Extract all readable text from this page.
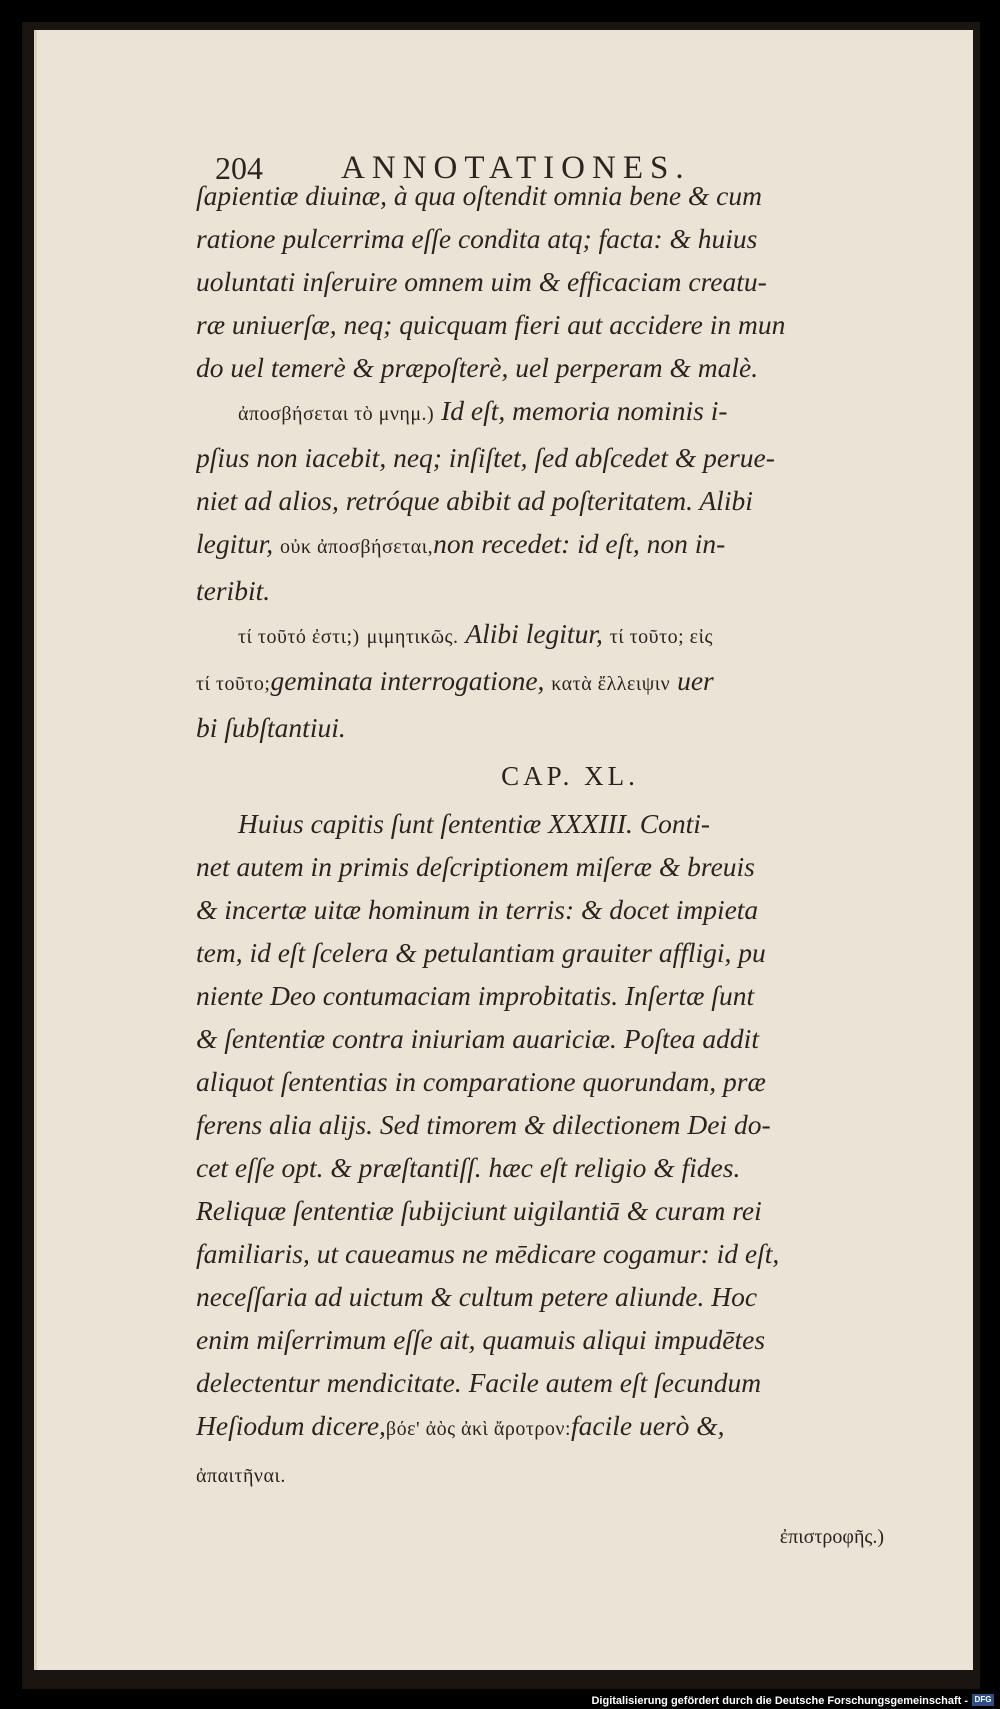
204 ANNOTATIONES.
ſapientiæ diuinæ, à qua oſtendit omnia bene & cum
ratione pulcerrima eſſe condita atq; facta: & huius
uoluntati inſeruire omnem uim & efficaciam creatu-
ræ uniuerſæ, neq; quicquam fieri aut accidere in mun
do uel temerè & præpoſterè, uel perperam & malè.
ἀποσβήσεται τὸ μνημ.) Id eſt, memoria nominis i-
pſius non iacebit, neq; inſiſtet, ſed abſcedet & perue-
niet ad alios, retróque abibit ad poſteritatem. Alibi
legitur, οὐκ ἀποσβήσεται,non recedet: id eſt, non in-
teribit.
τί τοῦτό ἐστι;) μιμητικῶς. Alibi legitur, τί τοῦτο; εἰς
τί τοῦτο;geminata interrogatione, κατὰ ἔλλειψιν uer
bi ſubſtantiui.
CAP. XL.
Huius capitis ſunt ſententiæ XXXIII. Conti-
net autem in primis deſcriptionem miſeræ & breuis
& incertæ uitæ hominum in terris: & docet impieta
tem, id eſt ſcelera & petulantiam grauiter affligi, pu
niente Deo contumaciam improbitatis. Inſertæ ſunt
& ſententiæ contra iniuriam auariciæ. Poſtea addit
aliquot ſententias in comparatione quorundam, præ
ferens alia alijs. Sed timorem & dilectionem Dei do-
cet eſſe opt. & præſtantiſſ. hæc eſt religio & fides.
Reliquæ ſententiæ ſubijciunt uigilantiā & curam rei
familiaris, ut caueamus ne mēdicare cogamur: id eſt,
neceſſaria ad uictum & cultum petere aliunde. Hoc
enim miſerrimum eſſe ait, quamuis aliqui impudētes
delectentur mendicitate. Facile autem eſt ſecundum
Heſiodum dicere,βόε' ἀὸς ἀκὶ ἄροτρον:facile uerò &,
ἀπαιτῆναι.
ἐπιστροφῆς.)
Digitalisierung gefördert durch die Deutsche Forschungsgemeinschaft - DFG
